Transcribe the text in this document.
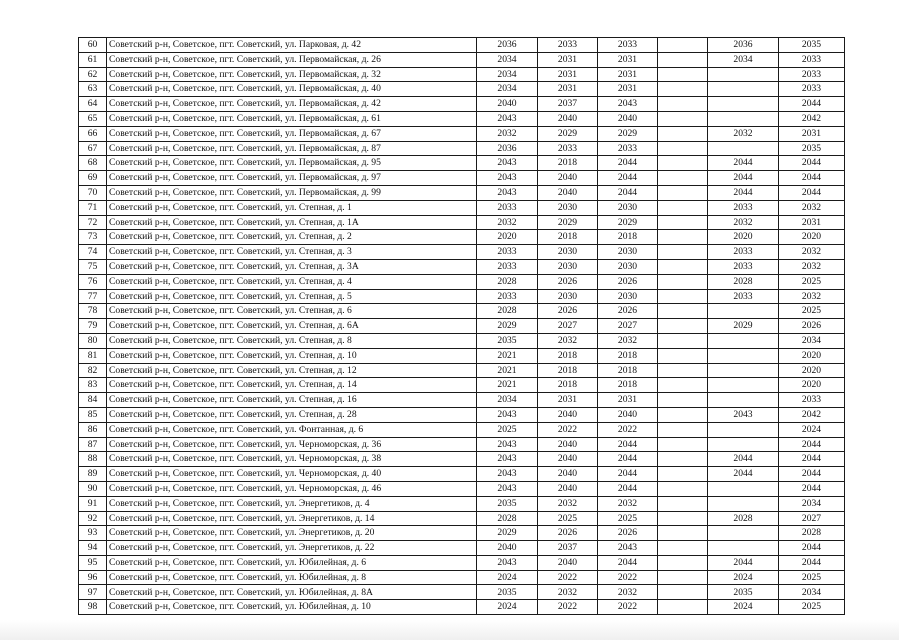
60	Советский р-н, Советское, пгт. Советский, ул. Парковая, д. 42	2036	2033	2033		2036	2035
61	Советский р-н, Советское, пгт. Советский, ул. Первомайская, д. 26	2034	2031	2031		2034	2033
62	Советский р-н, Советское, пгт. Советский, ул. Первомайская, д. 32	2034	2031	2031			2033
63	Советский р-н, Советское, пгт. Советский, ул. Первомайская, д. 40	2034	2031	2031			2033
64	Советский р-н, Советское, пгт. Советский, ул. Первомайская, д. 42	2040	2037	2043			2044
65	Советский р-н, Советское, пгт. Советский, ул. Первомайская, д. 61	2043	2040	2040			2042
66	Советский р-н, Советское, пгт. Советский, ул. Первомайская, д. 67	2032	2029	2029		2032	2031
67	Советский р-н, Советское, пгт. Советский, ул. Первомайская, д. 87	2036	2033	2033			2035
68	Советский р-н, Советское, пгт. Советский, ул. Первомайская, д. 95	2043	2018	2044		2044	2044
69	Советский р-н, Советское, пгт. Советский, ул. Первомайская, д. 97	2043	2040	2044		2044	2044
70	Советский р-н, Советское, пгт. Советский, ул. Первомайская, д. 99	2043	2040	2044		2044	2044
71	Советский р-н, Советское, пгт. Советский, ул. Степная, д. 1	2033	2030	2030		2033	2032
72	Советский р-н, Советское, пгт. Советский, ул. Степная, д. 1А	2032	2029	2029		2032	2031
73	Советский р-н, Советское, пгт. Советский, ул. Степная, д. 2	2020	2018	2018		2020	2020
74	Советский р-н, Советское, пгт. Советский, ул. Степная, д. 3	2033	2030	2030		2033	2032
75	Советский р-н, Советское, пгт. Советский, ул. Степная, д. 3А	2033	2030	2030		2033	2032
76	Советский р-н, Советское, пгт. Советский, ул. Степная, д. 4	2028	2026	2026		2028	2025
77	Советский р-н, Советское, пгт. Советский, ул. Степная, д. 5	2033	2030	2030		2033	2032
78	Советский р-н, Советское, пгт. Советский, ул. Степная, д. 6	2028	2026	2026			2025
79	Советский р-н, Советское, пгт. Советский, ул. Степная, д. 6А	2029	2027	2027		2029	2026
80	Советский р-н, Советское, пгт. Советский, ул. Степная, д. 8	2035	2032	2032			2034
81	Советский р-н, Советское, пгт. Советский, ул. Степная, д. 10	2021	2018	2018			2020
82	Советский р-н, Советское, пгт. Советский, ул. Степная, д. 12	2021	2018	2018			2020
83	Советский р-н, Советское, пгт. Советский, ул. Степная, д. 14	2021	2018	2018			2020
84	Советский р-н, Советское, пгт. Советский, ул. Степная, д. 16	2034	2031	2031			2033
85	Советский р-н, Советское, пгт. Советский, ул. Степная, д. 28	2043	2040	2040		2043	2042
86	Советский р-н, Советское, пгт. Советский, ул. Фонтанная, д. 6	2025	2022	2022			2024
87	Советский р-н, Советское, пгт. Советский, ул. Черноморская, д. 36	2043	2040	2044			2044
88	Советский р-н, Советское, пгт. Советский, ул. Черноморская, д. 38	2043	2040	2044		2044	2044
89	Советский р-н, Советское, пгт. Советский, ул. Черноморская, д. 40	2043	2040	2044		2044	2044
90	Советский р-н, Советское, пгт. Советский, ул. Черноморская, д. 46	2043	2040	2044			2044
91	Советский р-н, Советское, пгт. Советский, ул. Энергетиков, д. 4	2035	2032	2032			2034
92	Советский р-н, Советское, пгт. Советский, ул. Энергетиков, д. 14	2028	2025	2025		2028	2027
93	Советский р-н, Советское, пгт. Советский, ул. Энергетиков, д. 20	2029	2026	2026			2028
94	Советский р-н, Советское, пгт. Советский, ул. Энергетиков, д. 22	2040	2037	2043			2044
95	Советский р-н, Советское, пгт. Советский, ул. Юбилейная, д. 6	2043	2040	2044		2044	2044
96	Советский р-н, Советское, пгт. Советский, ул. Юбилейная, д. 8	2024	2022	2022		2024	2025
97	Советский р-н, Советское, пгт. Советский, ул. Юбилейная, д. 8А	2035	2032	2032		2035	2034
98	Советский р-н, Советское, пгт. Советский, ул. Юбилейная, д. 10	2024	2022	2022		2024	2025
